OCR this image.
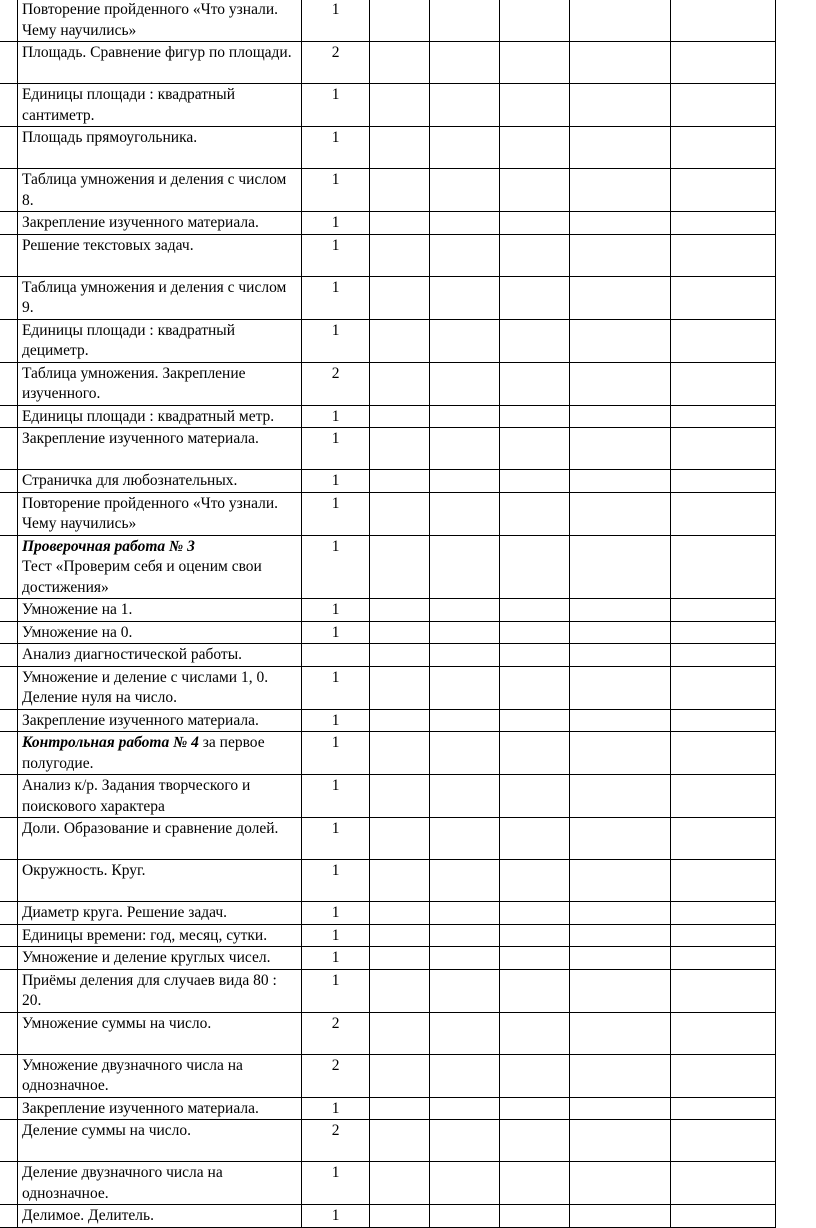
	Повторение пройденного «Что узнали. Чему научились»	1					
	Площадь. Сравнение фигур по площади.	2					
	Единицы площади : квадратный сантиметр.	1					
	Площадь прямоугольника.	1					
	Таблица умножения и деления с числом 8.	1					
	Закрепление изученного материала.	1					
	Решение текстовых задач.	1					
	Таблица умножения и деления с числом 9.	1					
	Единицы площади : квадратный дециметр.	1					
	Таблица умножения. Закрепление изученного.	2					
	Единицы площади : квадратный метр.	1					
	Закрепление изученного материала.	1					
	Страничка для любознательных.	1					
	Повторение пройденного «Что узнали. Чему научились»	1					

	Проверочная работа № 3
Тест «Проверим себя и оценим свои достижения»	1					
	Умножение на 1.	1					
	Умножение на 0.	1					
	Анализ диагностической работы.						
	Умножение и деление с числами 1, 0. Деление нуля на число.	1					
	Закрепление изученного материала.	1					
	Контрольная работа № 4 за первое полугодие.	1					
	Анализ к/р. Задания творческого и поискового характера	1					
	Доли. Образование и сравнение долей.	1					
	Окружность. Круг.	1					
	Диаметр круга. Решение задач.	1					
	Единицы времени: год, месяц, сутки.	1					
	Умножение и деление круглых чисел.	1					
	Приёмы деления для случаев вида 80 : 20.	1					
	Умножение суммы на число.	2					
	Умножение двузначного числа на однозначное.	2					
	Закрепление изученного материала.	1					
	Деление суммы на число.	2					
	Деление двузначного числа на однозначное.	1					
	Делимое. Делитель.	1					
